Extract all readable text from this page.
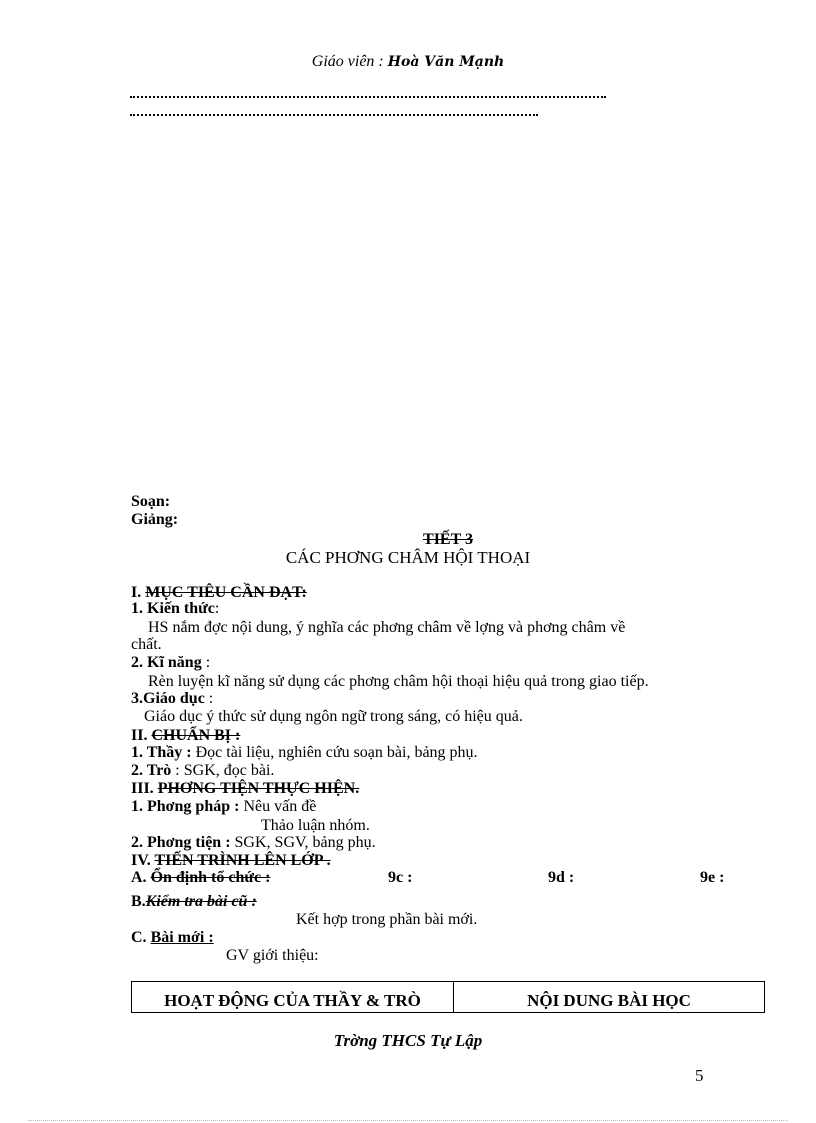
Giáo viên : Hoà Văn Mạnh
Soạn:
Giảng:
TIẾT 3
CÁC PHƠNG CHÂM HỘI THOẠI
I. MỤC TIÊU CẦN ĐẠT:
1. Kiến thức:
HS nắm đợc nội dung, ý nghĩa các phơng châm về lợng và phơng châm về
chất.
2. Kĩ năng :
Rèn luyện kĩ năng sử dụng các phơng châm hội thoại hiệu quả trong giao tiếp.
3.Giáo dục :
Giáo dục ý thức sử dụng ngôn ngữ trong sáng, có hiệu quả.
II. CHUẨN BỊ :
1. Thầy : Đọc tài liệu, nghiên cứu soạn bài, bảng phụ.
2. Trò : SGK, đọc bài.
III. PHƠNG TIỆN THỰC HIỆN.
1. Phơng pháp : Nêu vấn đề
Thảo luận nhóm.
2. Phơng tiện : SGK, SGV, bảng phụ.
IV. TIẾN TRÌNH LÊN LỚP .
A. Ổn định tổ chức :	9c :	9d :	9e :
B.Kiểm tra bài cũ :
Kết hợp trong phần bài mới.
C. Bài mới :
GV giới thiệu:
HOẠT ĐỘNG CỦA THẦY & TRÒ	NỘI DUNG BÀI HỌC
Trờng THCS Tự Lập
5
